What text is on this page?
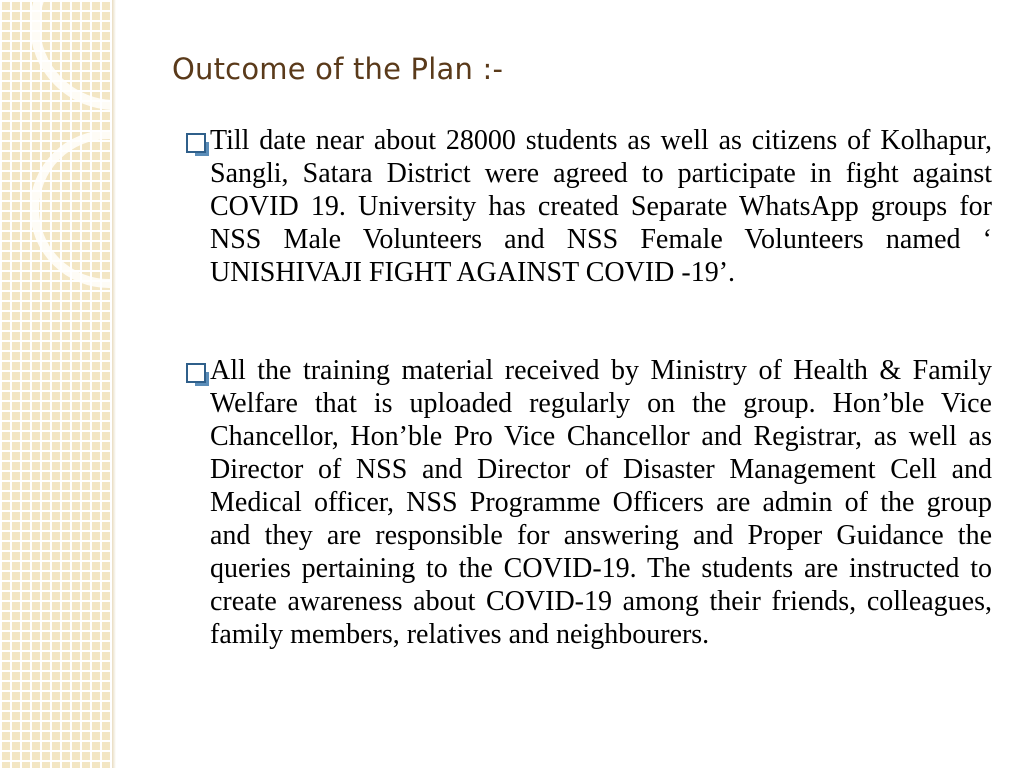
Outcome of the Plan :-
Till date near about 28000 students as well as citizens of Kolhapur, Sangli, Satara District were agreed to participate in fight against COVID 19. University has created Separate WhatsApp groups for NSS Male Volunteers and NSS Female Volunteers named ‘ UNISHIVAJI FIGHT AGAINST COVID -19’.
All the training material received by Ministry of Health & Family Welfare that is uploaded regularly on the group. Hon’ble Vice Chancellor, Hon’ble Pro Vice Chancellor and Registrar, as well as Director of NSS and Director of Disaster Management Cell and Medical officer, NSS Programme Officers are admin of the group and they are responsible for answering and Proper Guidance the queries pertaining to the COVID-19. The students are instructed to create awareness about COVID-19 among their friends, colleagues, family members, relatives and neighbourers.
